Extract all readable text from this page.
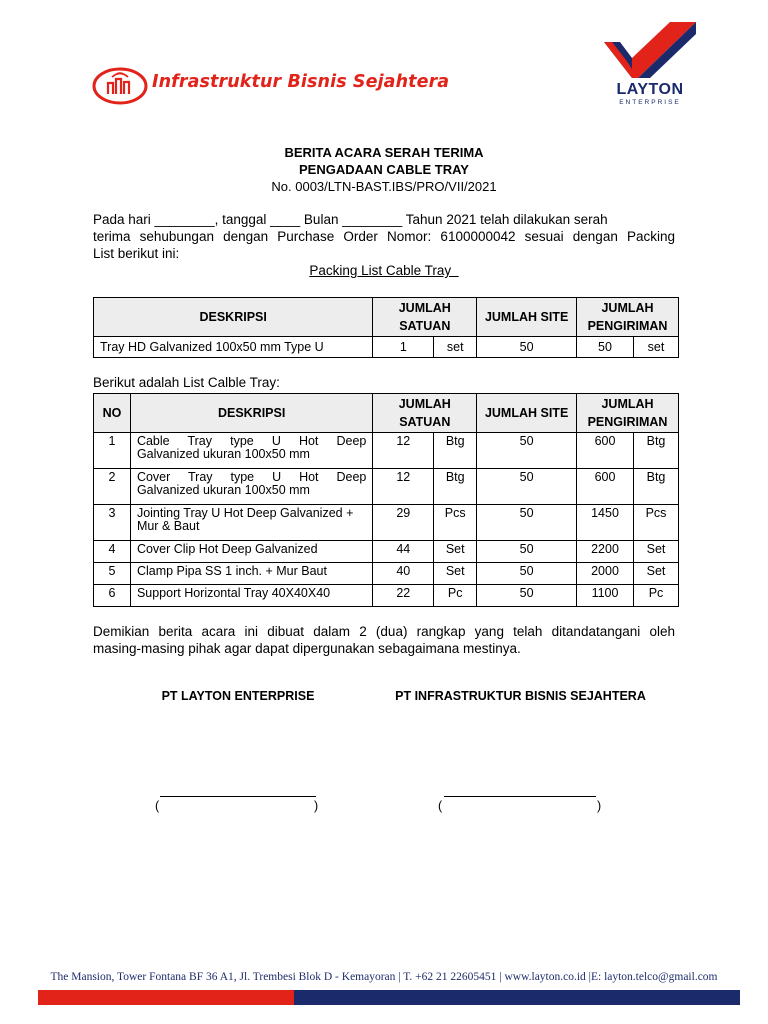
Infrastruktur Bisnis Sejahtera	LAYTON
ENTERPRISE
BERITA ACARA SERAH TERIMA
PENGADAAN CABLE TRAY
No. 0003/LTN-BAST.IBS/PRO/VII/2021
Pada hari ________, tanggal ____ Bulan ________ Tahun 2021 telah dilakukan serah
terima sehubungan dengan Purchase Order Nomor: 6100000042 sesuai dengan Packing
List berikut ini:
Packing List Cable Tray
DESKRIPSI	JUMLAH SATUAN		JUMLAH SITE	JUMLAH PENGIRIMAN	
Tray HD Galvanized 100x50 mm Type U	1	set	50	50	set
Berikut adalah List Calble Tray:
NO	DESKRIPSI	JUMLAH SATUAN		JUMLAH SITE	JUMLAH PENGIRIMAN	
1	Cable Tray type U Hot Deep
Galvanized ukuran 100x50 mm	12	Btg	50	600	Btg
2	Cover Tray type U Hot Deep
Galvanized ukuran 100x50 mm	12	Btg	50	600	Btg
3	Jointing Tray U Hot Deep Galvanized +
Mur & Baut	29	Pcs	50	1450	Pcs
4	Cover Clip Hot Deep Galvanized	44	Set	50	2200	Set
5	Clamp Pipa SS 1 inch. + Mur Baut	40	Set	50	2000	Set
6	Support Horizontal Tray 40X40X40	22	Pc	50	1100	Pc
Demikian berita acara ini dibuat dalam 2 (dua) rangkap yang telah ditandatangani oleh
masing-masing pihak agar dapat dipergunakan sebagaimana mestinya.
PT LAYTON ENTERPRISE	PT INFRASTRUKTUR BISNIS SEJAHTERA
(	)	(	)
The Mansion, Tower Fontana BF 36 A1, Jl. Trembesi Blok D - Kemayoran | T. +62 21 22605451 | www.layton.co.id |E: layton.telco@gmail.com
